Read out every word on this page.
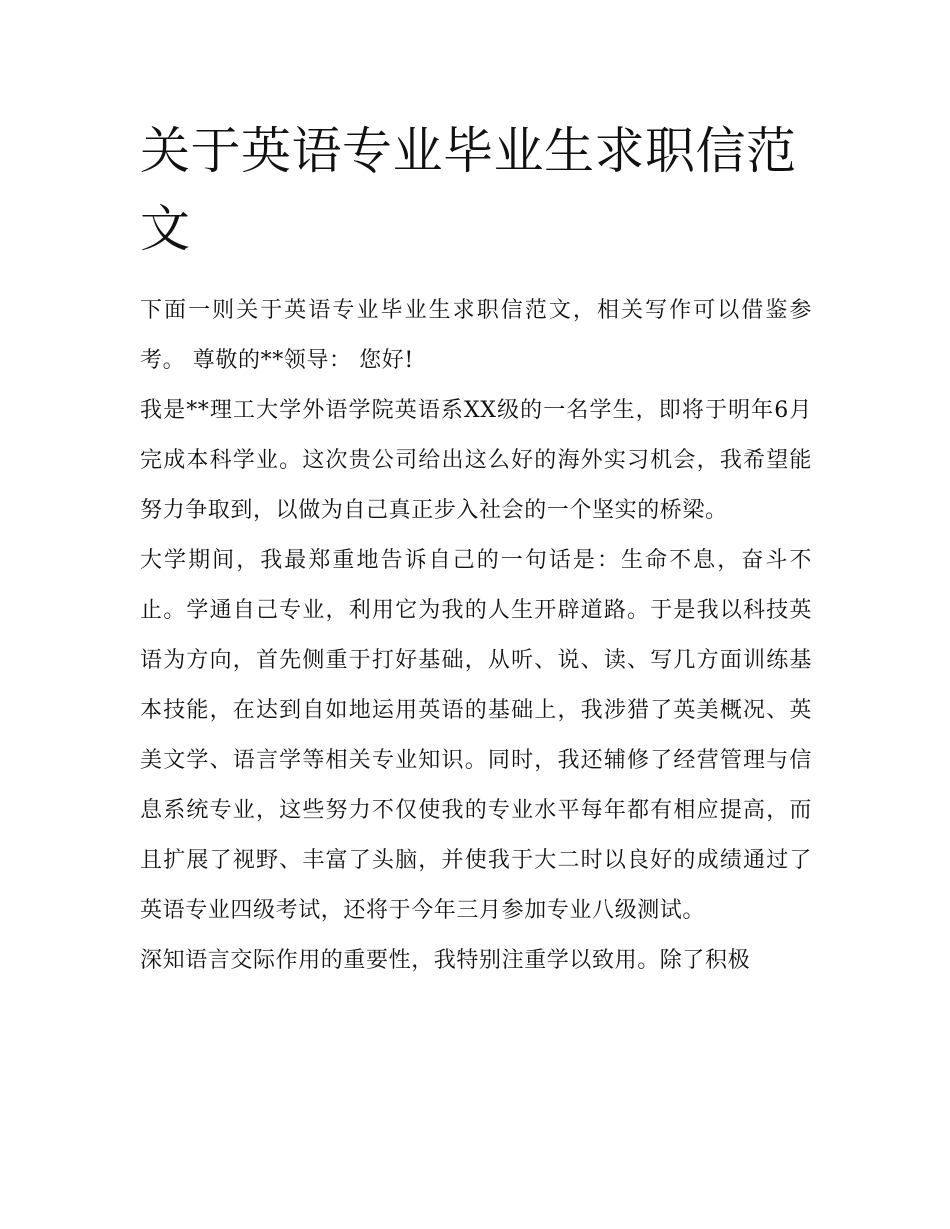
关于英语专业毕业生求职信范文

下面一则关于英语专业毕业生求职信范文，相关写作可以借鉴参考。 尊敬的**领导： 您好!

我是**理工大学外语学院英语系XX级的一名学生，即将于明年6月完成本科学业。这次贵公司给出这么好的海外实习机会，我希望能努力争取到，以做为自己真正步入社会的一个坚实的桥梁。

大学期间，我最郑重地告诉自己的一句话是：生命不息，奋斗不止。学通自己专业，利用它为我的人生开辟道路。于是我以科技英语为方向，首先侧重于打好基础，从听、说、读、写几方面训练基本技能，在达到自如地运用英语的基础上，我涉猎了英美概况、英美文学、语言学等相关专业知识。同时，我还辅修了经营管理与信息系统专业，这些努力不仅使我的专业水平每年都有相应提高，而且扩展了视野、丰富了头脑，并使我于大二时以良好的成绩通过了英语专业四级考试，还将于今年三月参加专业八级测试。

深知语言交际作用的重要性，我特别注重学以致用。除了积极
